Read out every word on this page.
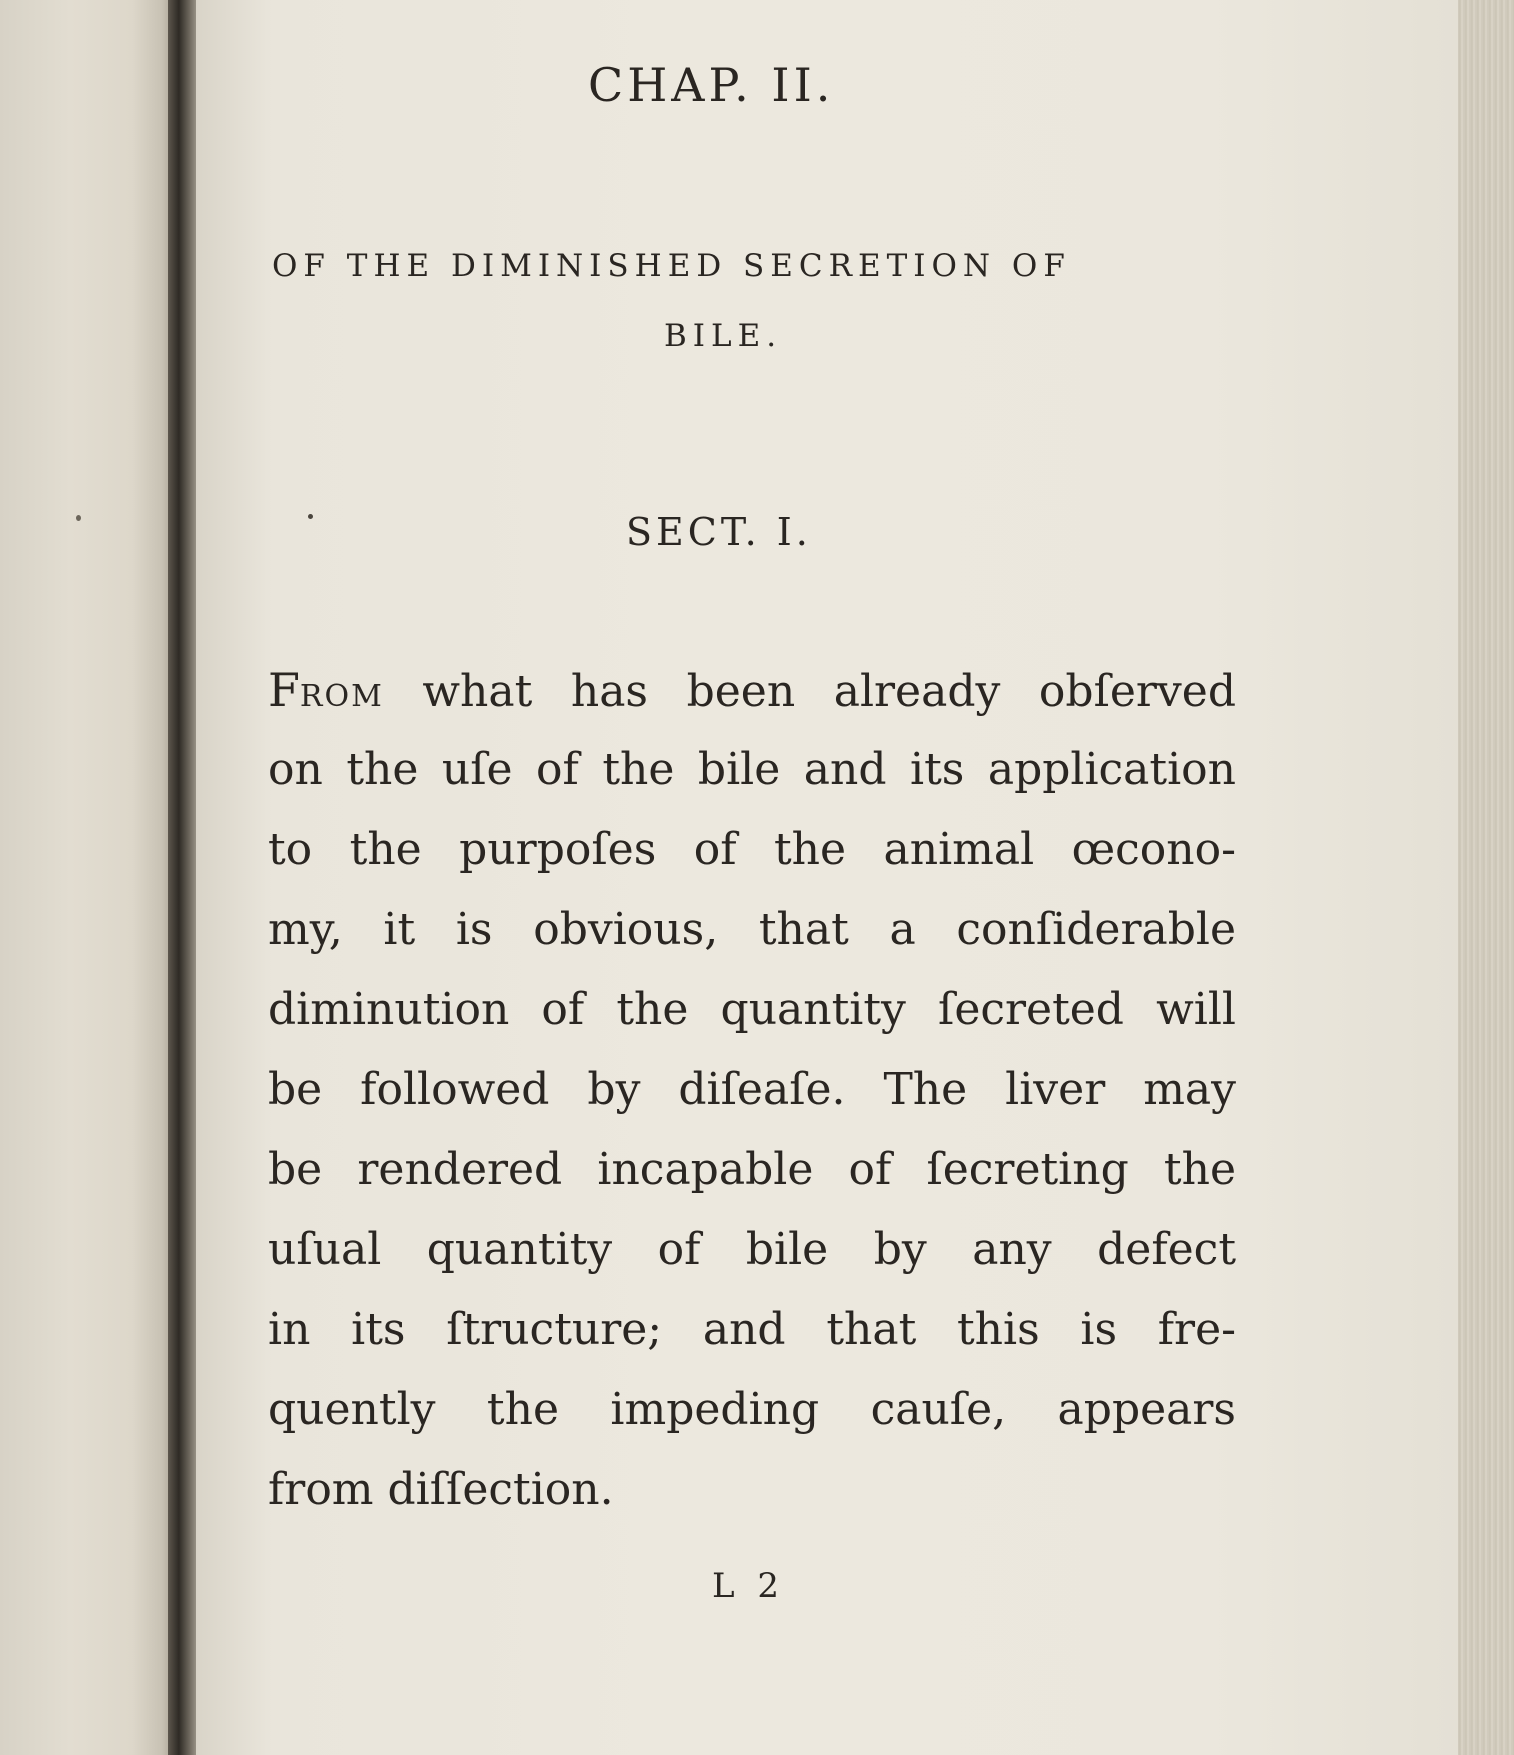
CHAP. II.
OF THE DIMINISHED SECRETION OF
BILE.
SECT. I.
FROM what has been already obſerved
on the uſe of the bile and its application
to the purpoſes of the animal œcono-
my, it is obvious, that a conſiderable
diminution of the quantity ſecreted will
be followed by diſeaſe. The liver may
be rendered incapable of ſecreting the
uſual quantity of bile by any defect
in its ſtructure; and that this is fre-
quently the impeding cauſe, appears
from diſſection.
L 2
